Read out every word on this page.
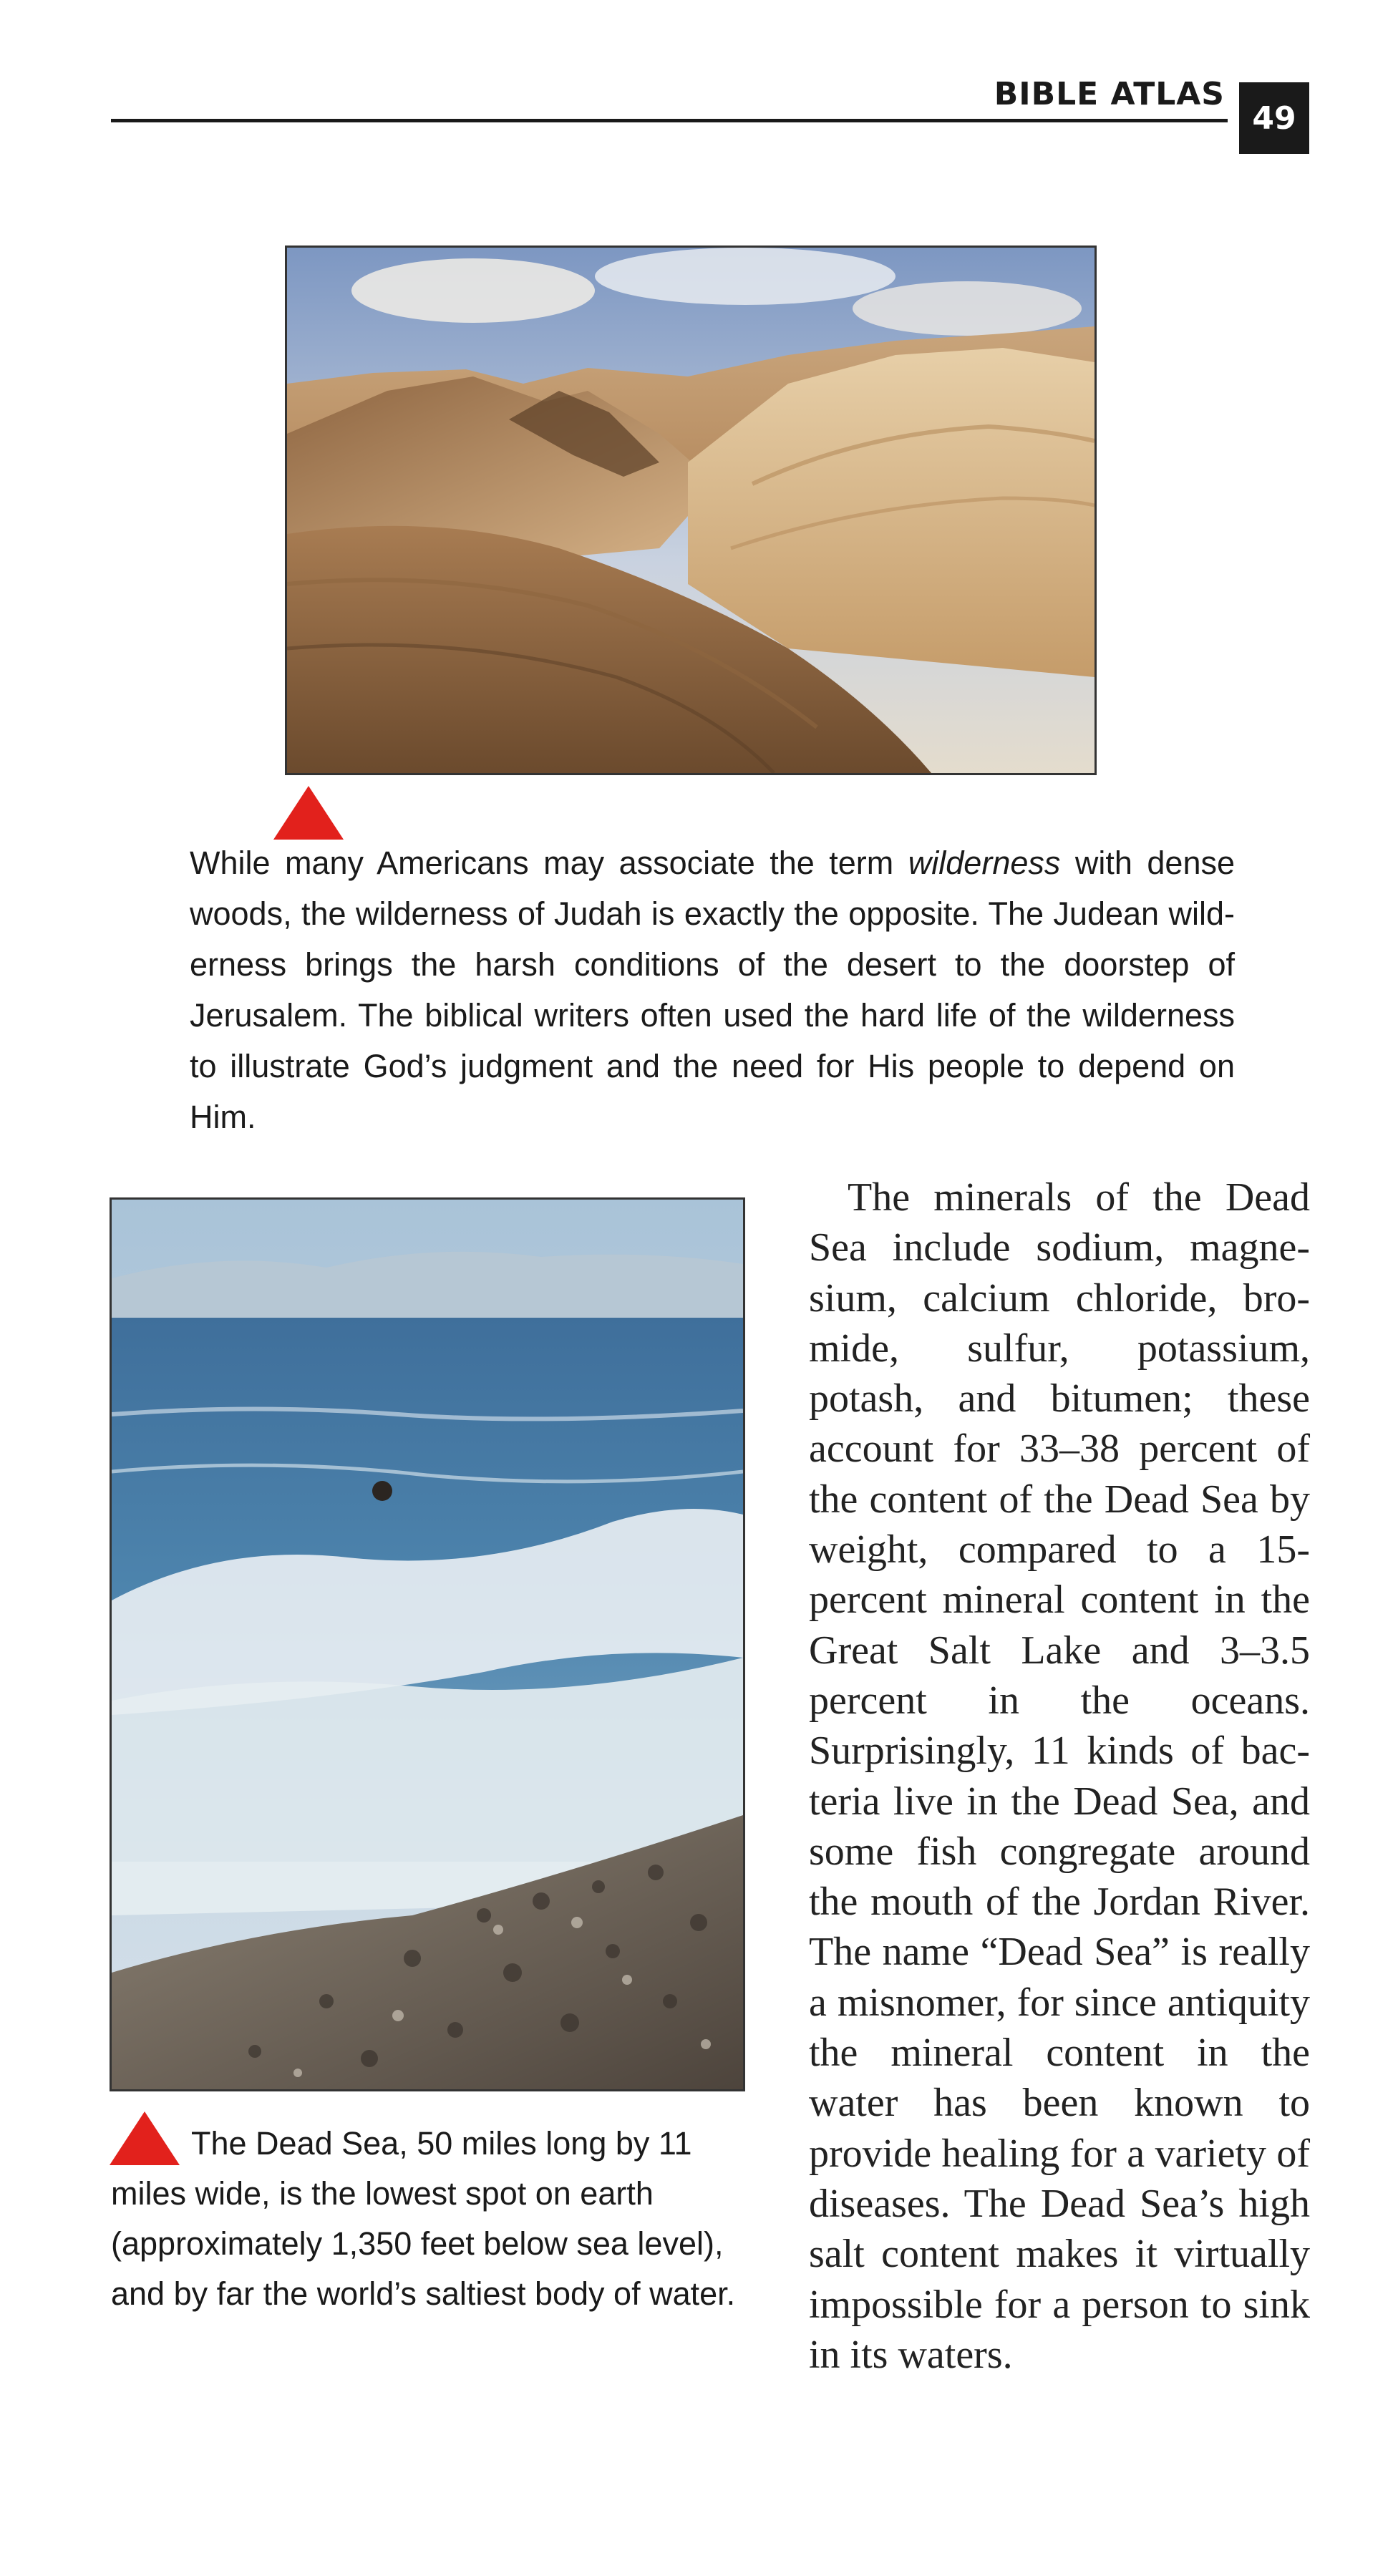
BIBLE ATLAS
49

While many Americans may associate the term wilderness with dense woods, the wilderness of Judah is exactly the opposite. The Judean wilderness brings the harsh conditions of the desert to the doorstep of Jerusalem. The biblical writers often used the hard life of the wilderness to illustrate God’s judgment and the need for His people to depend on Him.

The Dead Sea, 50 miles long by 11 miles wide, is the lowest spot on earth (approximately 1,350 feet below sea level), and by far the world’s saltiest body of water.

The minerals of the Dead Sea include sodium, magnesium, calcium chloride, bromide, sulfur, potassium, potash, and bitumen; these account for 33–38 percent of the content of the Dead Sea by weight, compared to a 15-percent mineral content in the Great Salt Lake and 3–3.5 percent in the oceans. Surprisingly, 11 kinds of bacteria live in the Dead Sea, and some fish congregate around the mouth of the Jordan River. The name “Dead Sea” is really a misnomer, for since antiquity the mineral content in the water has been known to provide healing for a variety of diseases. The Dead Sea’s high salt content makes it virtually impossible for a person to sink in its waters.
